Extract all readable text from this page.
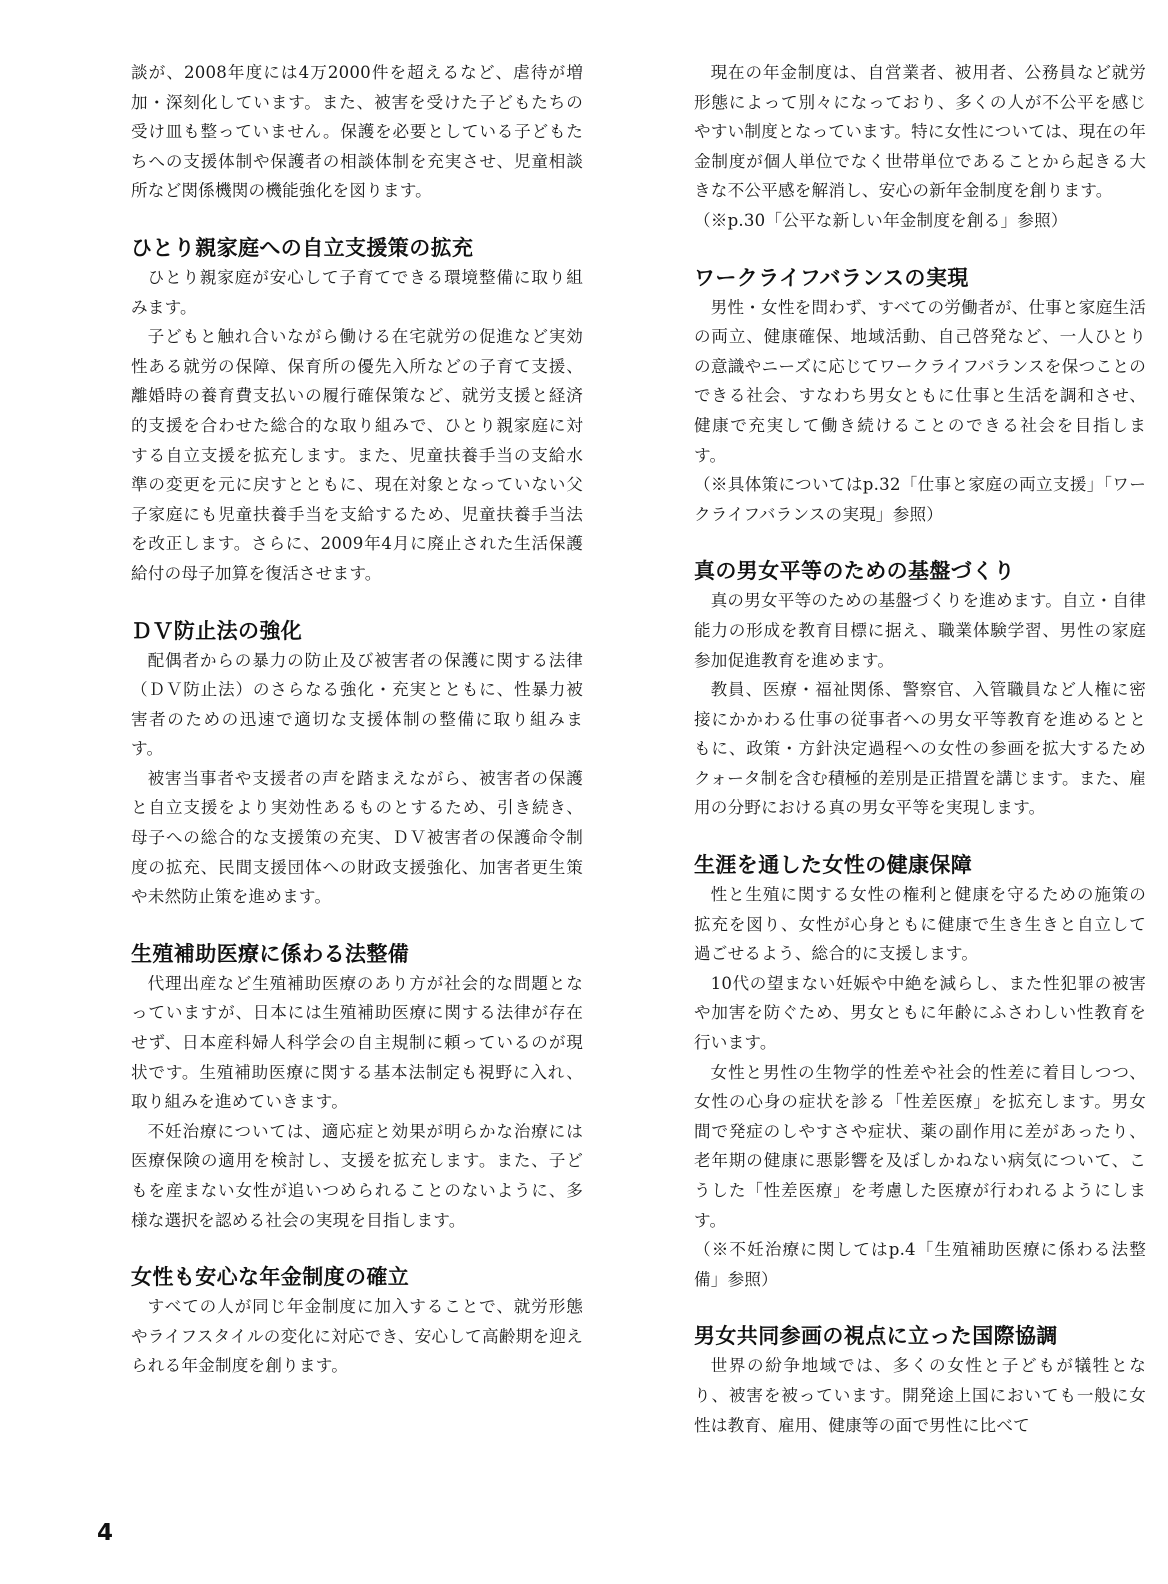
談が、2008年度には4万2000件を超えるなど、虐待が増加・深刻化しています。また、被害を受けた子どもたちの受け皿も整っていません。保護を必要としている子どもたちへの支援体制や保護者の相談体制を充実させ、児童相談所など関係機関の機能強化を図ります。

ひとり親家庭への自立支援策の拡充

ひとり親家庭が安心して子育てできる環境整備に取り組みます。

子どもと触れ合いながら働ける在宅就労の促進など実効性ある就労の保障、保育所の優先入所などの子育て支援、離婚時の養育費支払いの履行確保策など、就労支援と経済的支援を合わせた総合的な取り組みで、ひとり親家庭に対する自立支援を拡充します。また、児童扶養手当の支給水準の変更を元に戻すとともに、現在対象となっていない父子家庭にも児童扶養手当を支給するため、児童扶養手当法を改正します。さらに、2009年4月に廃止された生活保護給付の母子加算を復活させます。

ＤＶ防止法の強化

配偶者からの暴力の防止及び被害者の保護に関する法律（ＤＶ防止法）のさらなる強化・充実とともに、性暴力被害者のための迅速で適切な支援体制の整備に取り組みます。

被害当事者や支援者の声を踏まえながら、被害者の保護と自立支援をより実効性あるものとするため、引き続き、母子への総合的な支援策の充実、ＤＶ被害者の保護命令制度の拡充、民間支援団体への財政支援強化、加害者更生策や未然防止策を進めます。

生殖補助医療に係わる法整備

代理出産など生殖補助医療のあり方が社会的な問題となっていますが、日本には生殖補助医療に関する法律が存在せず、日本産科婦人科学会の自主規制に頼っているのが現状です。生殖補助医療に関する基本法制定も視野に入れ、取り組みを進めていきます。

不妊治療については、適応症と効果が明らかな治療には医療保険の適用を検討し、支援を拡充します。また、子どもを産まない女性が追いつめられることのないように、多様な選択を認める社会の実現を目指します。

女性も安心な年金制度の確立

すべての人が同じ年金制度に加入することで、就労形態やライフスタイルの変化に対応でき、安心して高齢期を迎えられる年金制度を創ります。

現在の年金制度は、自営業者、被用者、公務員など就労形態によって別々になっており、多くの人が不公平を感じやすい制度となっています。特に女性については、現在の年金制度が個人単位でなく世帯単位であることから起きる大きな不公平感を解消し、安心の新年金制度を創ります。

（※p.30「公平な新しい年金制度を創る」参照）

ワークライフバランスの実現

男性・女性を問わず、すべての労働者が、仕事と家庭生活の両立、健康確保、地域活動、自己啓発など、一人ひとりの意識やニーズに応じてワークライフバランスを保つことのできる社会、すなわち男女ともに仕事と生活を調和させ、健康で充実して働き続けることのできる社会を目指します。

（※具体策についてはp.32「仕事と家庭の両立支援」「ワークライフバランスの実現」参照）

真の男女平等のための基盤づくり

真の男女平等のための基盤づくりを進めます。自立・自律能力の形成を教育目標に据え、職業体験学習、男性の家庭参加促進教育を進めます。

教員、医療・福祉関係、警察官、入管職員など人権に密接にかかわる仕事の従事者への男女平等教育を進めるとともに、政策・方針決定過程への女性の参画を拡大するためクォータ制を含む積極的差別是正措置を講じます。また、雇用の分野における真の男女平等を実現します。

生涯を通した女性の健康保障

性と生殖に関する女性の権利と健康を守るための施策の拡充を図り、女性が心身ともに健康で生き生きと自立して過ごせるよう、総合的に支援します。

10代の望まない妊娠や中絶を減らし、また性犯罪の被害や加害を防ぐため、男女ともに年齢にふさわしい性教育を行います。

女性と男性の生物学的性差や社会的性差に着目しつつ、女性の心身の症状を診る「性差医療」を拡充します。男女間で発症のしやすさや症状、薬の副作用に差があったり、老年期の健康に悪影響を及ぼしかねない病気について、こうした「性差医療」を考慮した医療が行われるようにします。

（※不妊治療に関してはp.4「生殖補助医療に係わる法整備」参照）

男女共同参画の視点に立った国際協調

世界の紛争地域では、多くの女性と子どもが犠牲となり、被害を被っています。開発途上国においても一般に女性は教育、雇用、健康等の面で男性に比べて

4
